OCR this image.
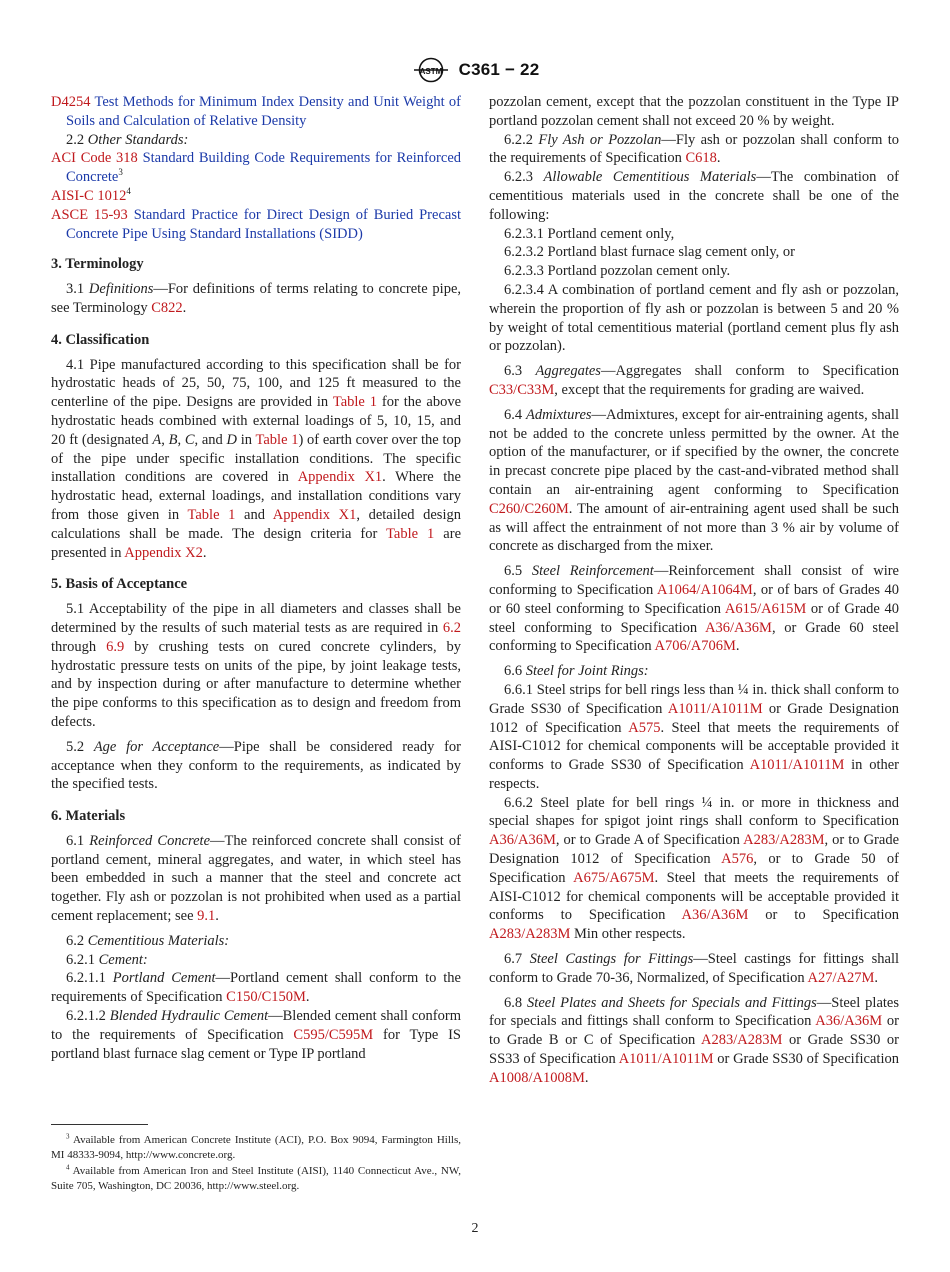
ASTM C361 − 22

D4254 Test Methods for Minimum Index Density and Unit Weight of Soils and Calculation of Relative Density

2.2 Other Standards:

ACI Code 318 Standard Building Code Requirements for Reinforced Concrete$^3$

AISI-C 1012$^4$

ASCE 15-93 Standard Practice for Direct Design of Buried Precast Concrete Pipe Using Standard Installations (SIDD)

3. Terminology

3.1 Definitions—For definitions of terms relating to concrete pipe, see Terminology C822.

4. Classification

4.1 Pipe manufactured according to this specification shall be for hydrostatic heads of 25, 50, 75, 100, and 125 ft measured to the centerline of the pipe. Designs are provided in Table 1 for the above hydrostatic heads combined with external loadings of 5, 10, 15, and 20 ft (designated A, B, C, and D in Table 1) of earth cover over the top of the pipe under specific installation conditions. The specific installation conditions are covered in Appendix X1. Where the hydrostatic head, external loadings, and installation conditions vary from those given in Table 1 and Appendix X1, detailed design calculations shall be made. The design criteria for Table 1 are presented in Appendix X2.

5. Basis of Acceptance

5.1 Acceptability of the pipe in all diameters and classes shall be determined by the results of such material tests as are required in 6.2 through 6.9 by crushing tests on cured concrete cylinders, by hydrostatic pressure tests on units of the pipe, by joint leakage tests, and by inspection during or after manufacture to determine whether the pipe conforms to this specification as to design and freedom from defects.

5.2 Age for Acceptance—Pipe shall be considered ready for acceptance when they conform to the requirements, as indicated by the specified tests.

6. Materials

6.1 Reinforced Concrete—The reinforced concrete shall consist of portland cement, mineral aggregates, and water, in which steel has been embedded in such a manner that the steel and concrete act together. Fly ash or pozzolan is not prohibited when used as a partial cement replacement; see 9.1.

6.2 Cementitious Materials:

6.2.1 Cement:

6.2.1.1 Portland Cement—Portland cement shall conform to the requirements of Specification C150/C150M.

6.2.1.2 Blended Hydraulic Cement—Blended cement shall conform to the requirements of Specification C595/C595M for Type IS portland blast furnace slag cement or Type IP portland

$^3$ Available from American Concrete Institute (ACI), P.O. Box 9094, Farmington Hills, MI 48333-9094, http://www.concrete.org.

$^4$ Available from American Iron and Steel Institute (AISI), 1140 Connecticut Ave., NW, Suite 705, Washington, DC 20036, http://www.steel.org.

pozzolan cement, except that the pozzolan constituent in the Type IP portland pozzolan cement shall not exceed 20 % by weight.

6.2.2 Fly Ash or Pozzolan—Fly ash or pozzolan shall conform to the requirements of Specification C618.

6.2.3 Allowable Cementitious Materials—The combination of cementitious materials used in the concrete shall be one of the following:

6.2.3.1 Portland cement only,

6.2.3.2 Portland blast furnace slag cement only, or

6.2.3.3 Portland pozzolan cement only.

6.2.3.4 A combination of portland cement and fly ash or pozzolan, wherein the proportion of fly ash or pozzolan is between 5 and 20 % by weight of total cementitious material (portland cement plus fly ash or pozzolan).

6.3 Aggregates—Aggregates shall conform to Specification C33/C33M, except that the requirements for grading are waived.

6.4 Admixtures—Admixtures, except for air-entraining agents, shall not be added to the concrete unless permitted by the owner. At the option of the manufacturer, or if specified by the owner, the concrete in precast concrete pipe placed by the cast-and-vibrated method shall contain an air-entraining agent conforming to Specification C260/C260M. The amount of air-entraining agent used shall be such as will affect the entrainment of not more than 3 % air by volume of concrete as discharged from the mixer.

6.5 Steel Reinforcement—Reinforcement shall consist of wire conforming to Specification A1064/A1064M, or of bars of Grades 40 or 60 steel conforming to Specification A615/A615M or of Grade 40 steel conforming to Specification A36/A36M, or Grade 60 steel conforming to Specification A706/A706M.

6.6 Steel for Joint Rings:

6.6.1 Steel strips for bell rings less than ¼ in. thick shall conform to Grade SS30 of Specification A1011/A1011M or Grade Designation 1012 of Specification A575. Steel that meets the requirements of AISI-C1012 for chemical components will be acceptable provided it conforms to Grade SS30 of Specification A1011/A1011M in other respects.

6.6.2 Steel plate for bell rings ¼ in. or more in thickness and special shapes for spigot joint rings shall conform to Specification A36/A36M, or to Grade A of Specification A283/A283M, or to Grade Designation 1012 of Specification A576, or to Grade 50 of Specification A675/A675M. Steel that meets the requirements of AISI-C1012 for chemical components will be acceptable provided it conforms to Specification A36/A36M or to Specification A283/A283M Min other respects.

6.7 Steel Castings for Fittings—Steel castings for fittings shall conform to Grade 70-36, Normalized, of Specification A27/A27M.

6.8 Steel Plates and Sheets for Specials and Fittings—Steel plates for specials and fittings shall conform to Specification A36/A36M or to Grade B or C of Specification A283/A283M or Grade SS30 or SS33 of Specification A1011/A1011M or Grade SS30 of Specification A1008/A1008M.

2
